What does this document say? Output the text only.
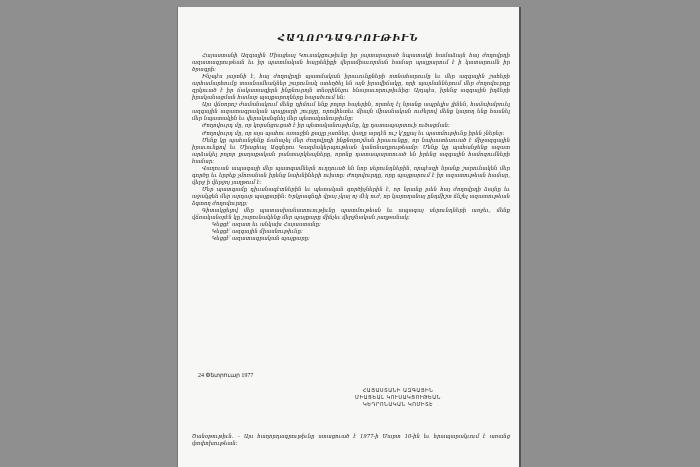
ՀԱՂՈՐԴԱԳՐՈՒԹԻՒՆ

Հայաստանի Ազգային Միացեալ Կուսակցութիւնը իր յայտարարած նպատակի համաձայն հայ ժողովրդի ազատագրութեան եւ իր պատմական հայրենիքի վերամիաւորման համար պայքարում է ի կատարումն իր ծրագրի։

Ինչպէս յայտնի է, հայ ժողովրդի պատմական իրաւունքների ոտնահարումը եւ մեր ազգային շահերի արհամարհումը տասնամեակներ շարունակ ստեղծել են այն իրավիճակը, որի պայմաններում մեր ժողովուրդը զրկուած է իր ճակատագիրն ինքնուրոյն տնօրինելու հնարաւորութիւնից։ Այդպէս, իրենց ազգային իղձերի իրականացման համար պայքարողները հալածւում են։

Այս վճռորոշ ժամանակում մենք դիմում ենք բոլոր հայերին, որտեղ էլ նրանք ապրելիս լինեն, համախմբուել ազգային ազատագրական պայքարի շուրջը, որովհետեւ միայն միասնական ուժերով մենք կարող ենք հասնել մեր նպատակին եւ վերականգնել մեր պետականութիւնը։

Ժողովուրդ մը, որ կորսնցուցած է իր պետականութիւնը, կը դատապարտուի ուծացման։

Ժողովուրդ մը, որ այս պահու առաջին քայլը չառներ, վաղը արդէն ուշ կ՚ըլլայ եւ պատմութիւնը իրեն չներեր։

Մենք կը պահանջենք ճանաչել մեր ժողովրդի ինքնորոշման իրաւունքը, որ նախատեսուած է միջազգային իրաւունքով եւ Միացեալ Ազգերու Կազմակերպութեան կանոնադրութեամբ։ Մենք կը պահանջենք ազատ արձակել բոլոր քաղաքական բանտարկեալները, որոնք դատապարտուած են իրենց ազգային համոզումների համար։

Վաղուան ապագայի մեր պատգամներն ուղղուած են նոր սերունդներին, որպէսզի նրանք շարունակեն մեր գործը եւ երբեք չմոռանան իրենց նախնիների ուխտը։ Ժողովուրդը, որը պայքարում է իր ազատութեան համար, վերջ ի վերջոյ յաղթում է։

Մեր պատգամը դիւանագէտներին եւ պետական գործիչներին է, որ նրանք լսեն հայ ժողովրդի ձայնը եւ աջակցեն մեր արդար պայքարին։ Երկրագնդի վրայ չկայ ոչ մէկ ուժ, որ կարողանայ ընդմիշտ ճնշել ազատութեան ձգտող ժողովուրդը։

Գիտակցելով մեր պատասխանատուութիւնը պատմութեան եւ ապագայ սերունդների առջեւ, մենք վճռականօրէն կը շարունակենք մեր պայքարը մինչեւ վերջնական յաղթանակ։

Կեցցէ՛ ազատ եւ անկախ Հայաստանը։

Կեցցէ՛ ազգային միասնութիւնը։

Կեցցէ՛ ազատագրական պայքարը։

24 Փետրուար 1977
ՀԱՅԱՍՏԱՆԻ ԱԶԳԱՅԻՆ
ՄԻԱՑԵԱԼ ԿՈՒՍԱԿՑՈՒԹԵԱՆ
ԿԵԴՐՈՆԱԿԱՆ ԿՈՄԻՏԷ
Ծանօթութիւն. – Այս հաղորդագրութիւնը ստացուած է 1977-ի Մարտ 10-ին եւ հրապարակւում է առանց փոփոխութեան։
